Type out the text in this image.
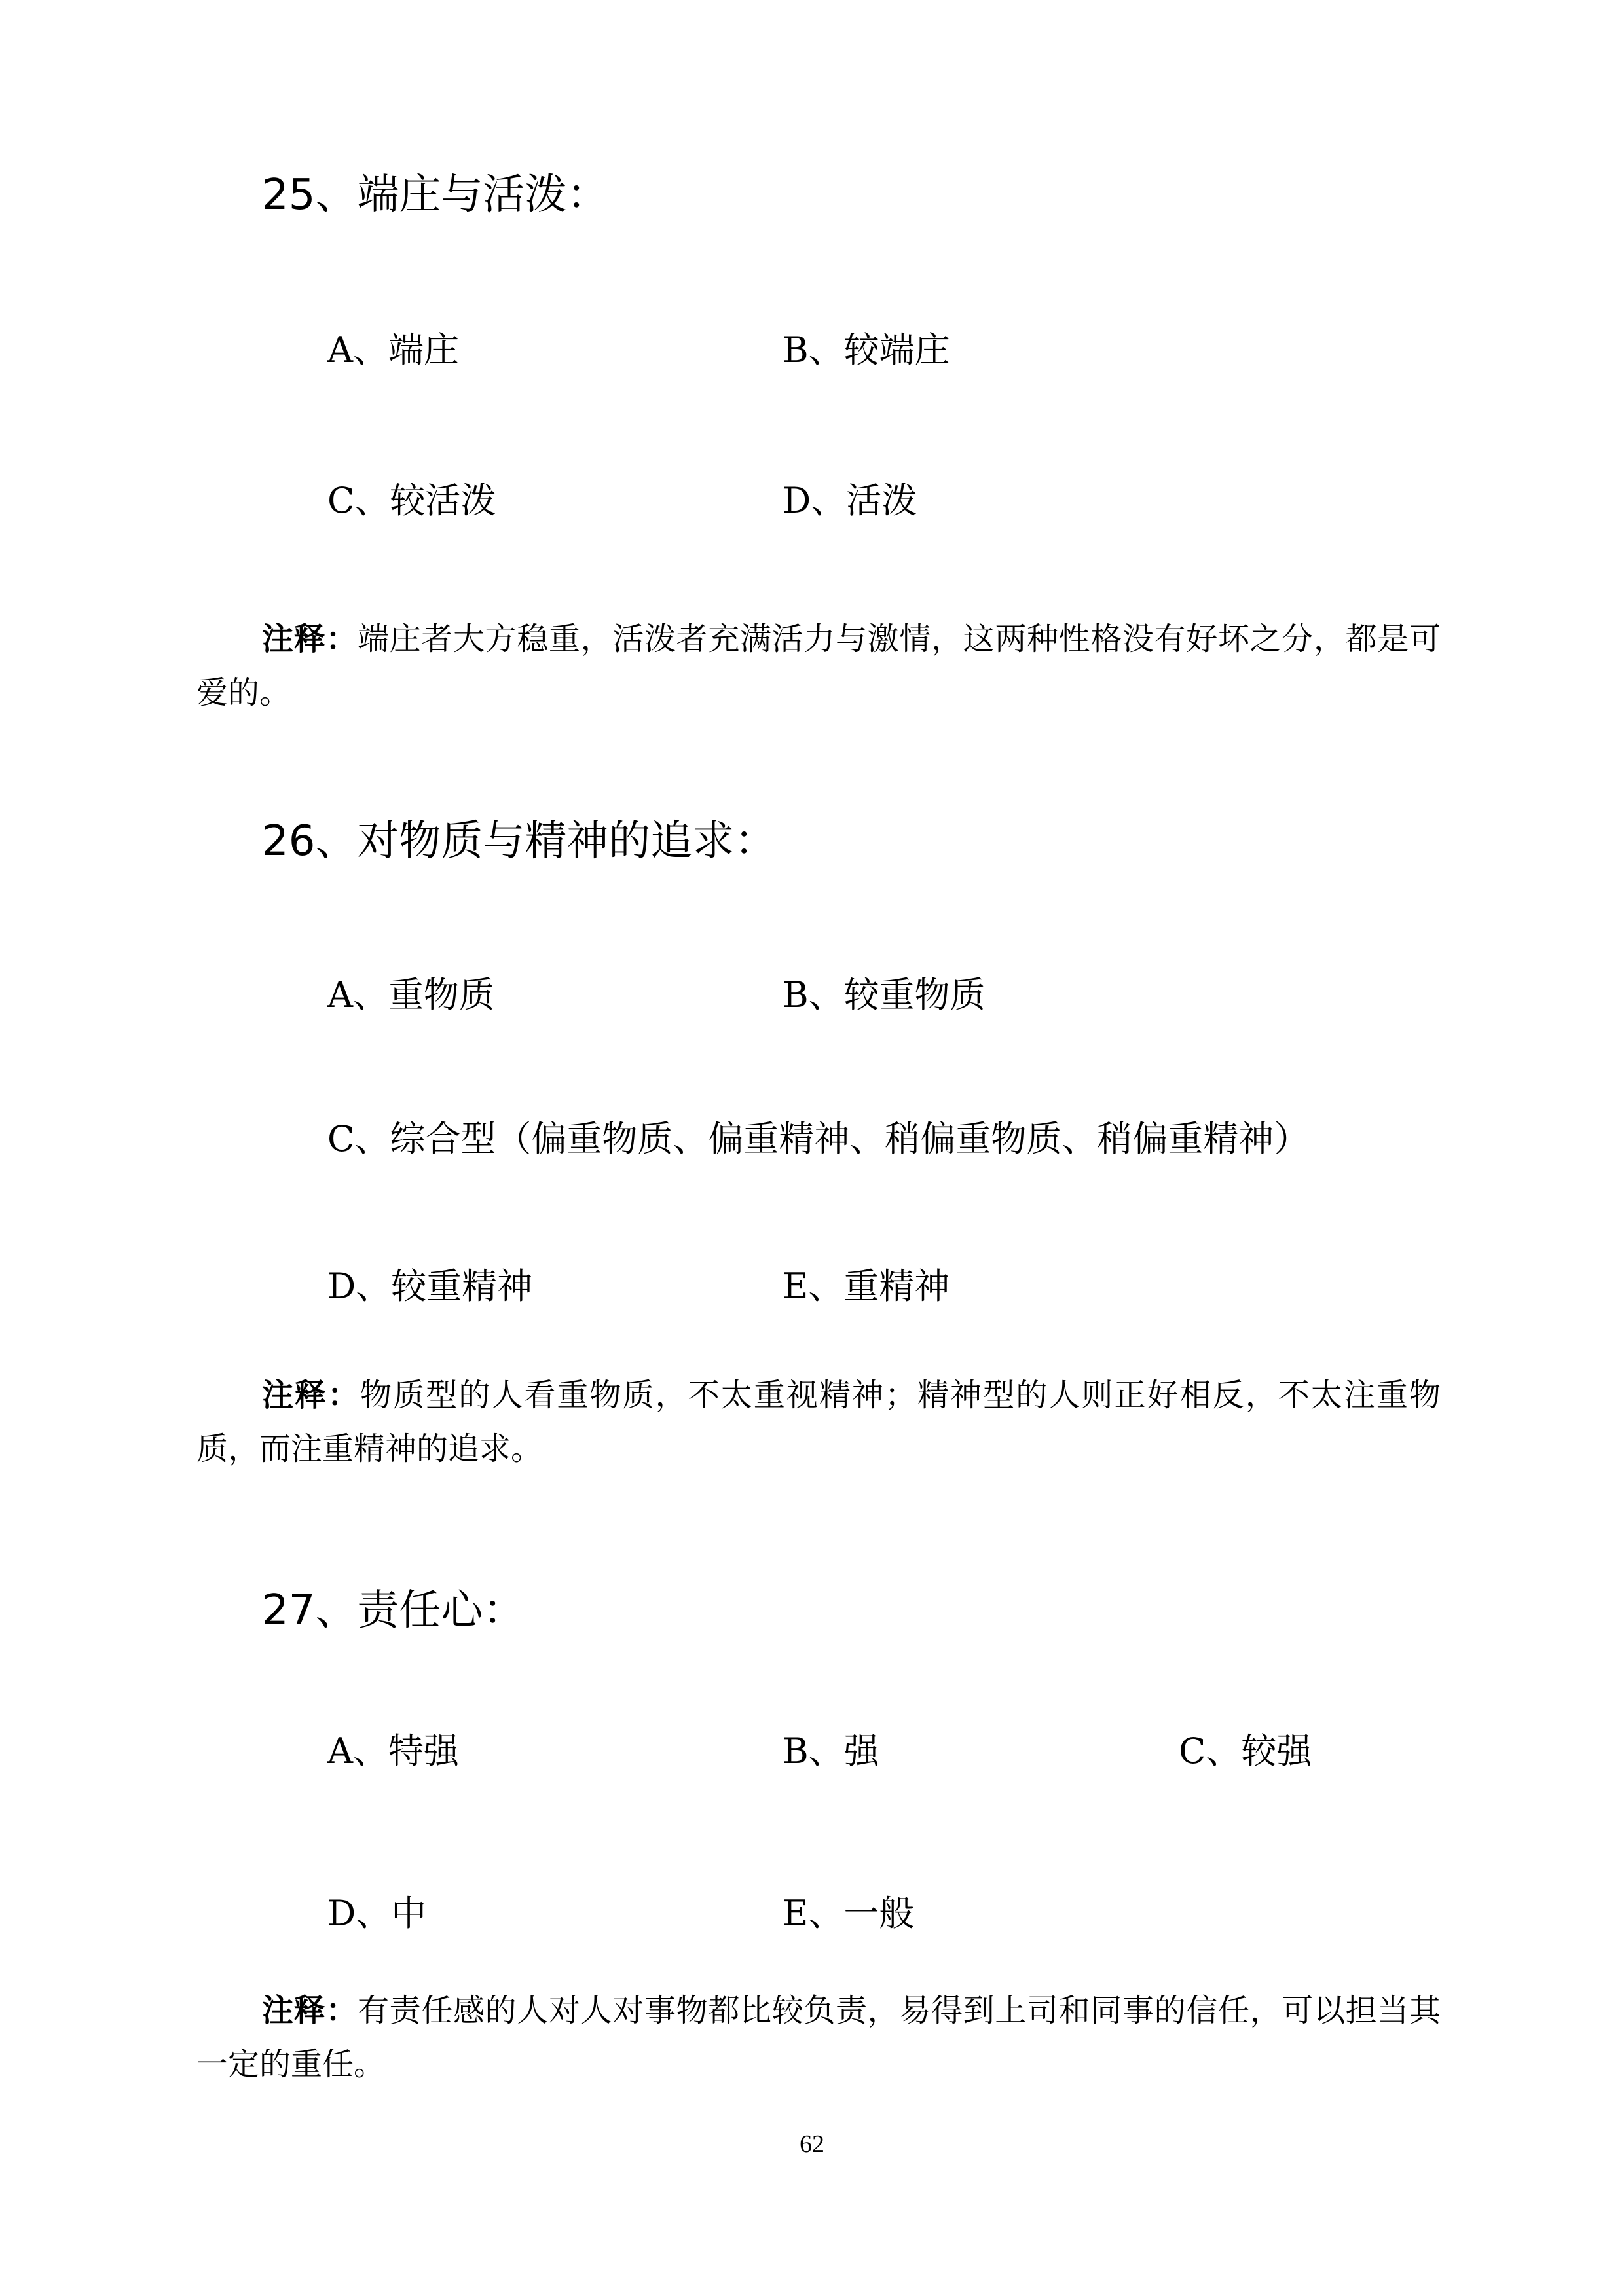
25、端庄与活泼：
A、端庄	B、较端庄
C、较活泼	D、活泼
注释：端庄者大方稳重，活泼者充满活力与激情，这两种性格没有好坏之分，都是可爱的。
26、对物质与精神的追求：
A、重物质	B、较重物质
C、综合型（偏重物质、偏重精神、稍偏重物质、稍偏重精神）
D、较重精神	E、重精神
注释：物质型的人看重物质，不太重视精神；精神型的人则正好相反，不太注重物质，而注重精神的追求。
27、责任心：
A、特强	B、强	C、较强
D、中	E、一般
注释：有责任感的人对人对事物都比较负责，易得到上司和同事的信任，可以担当其一定的重任。
62
